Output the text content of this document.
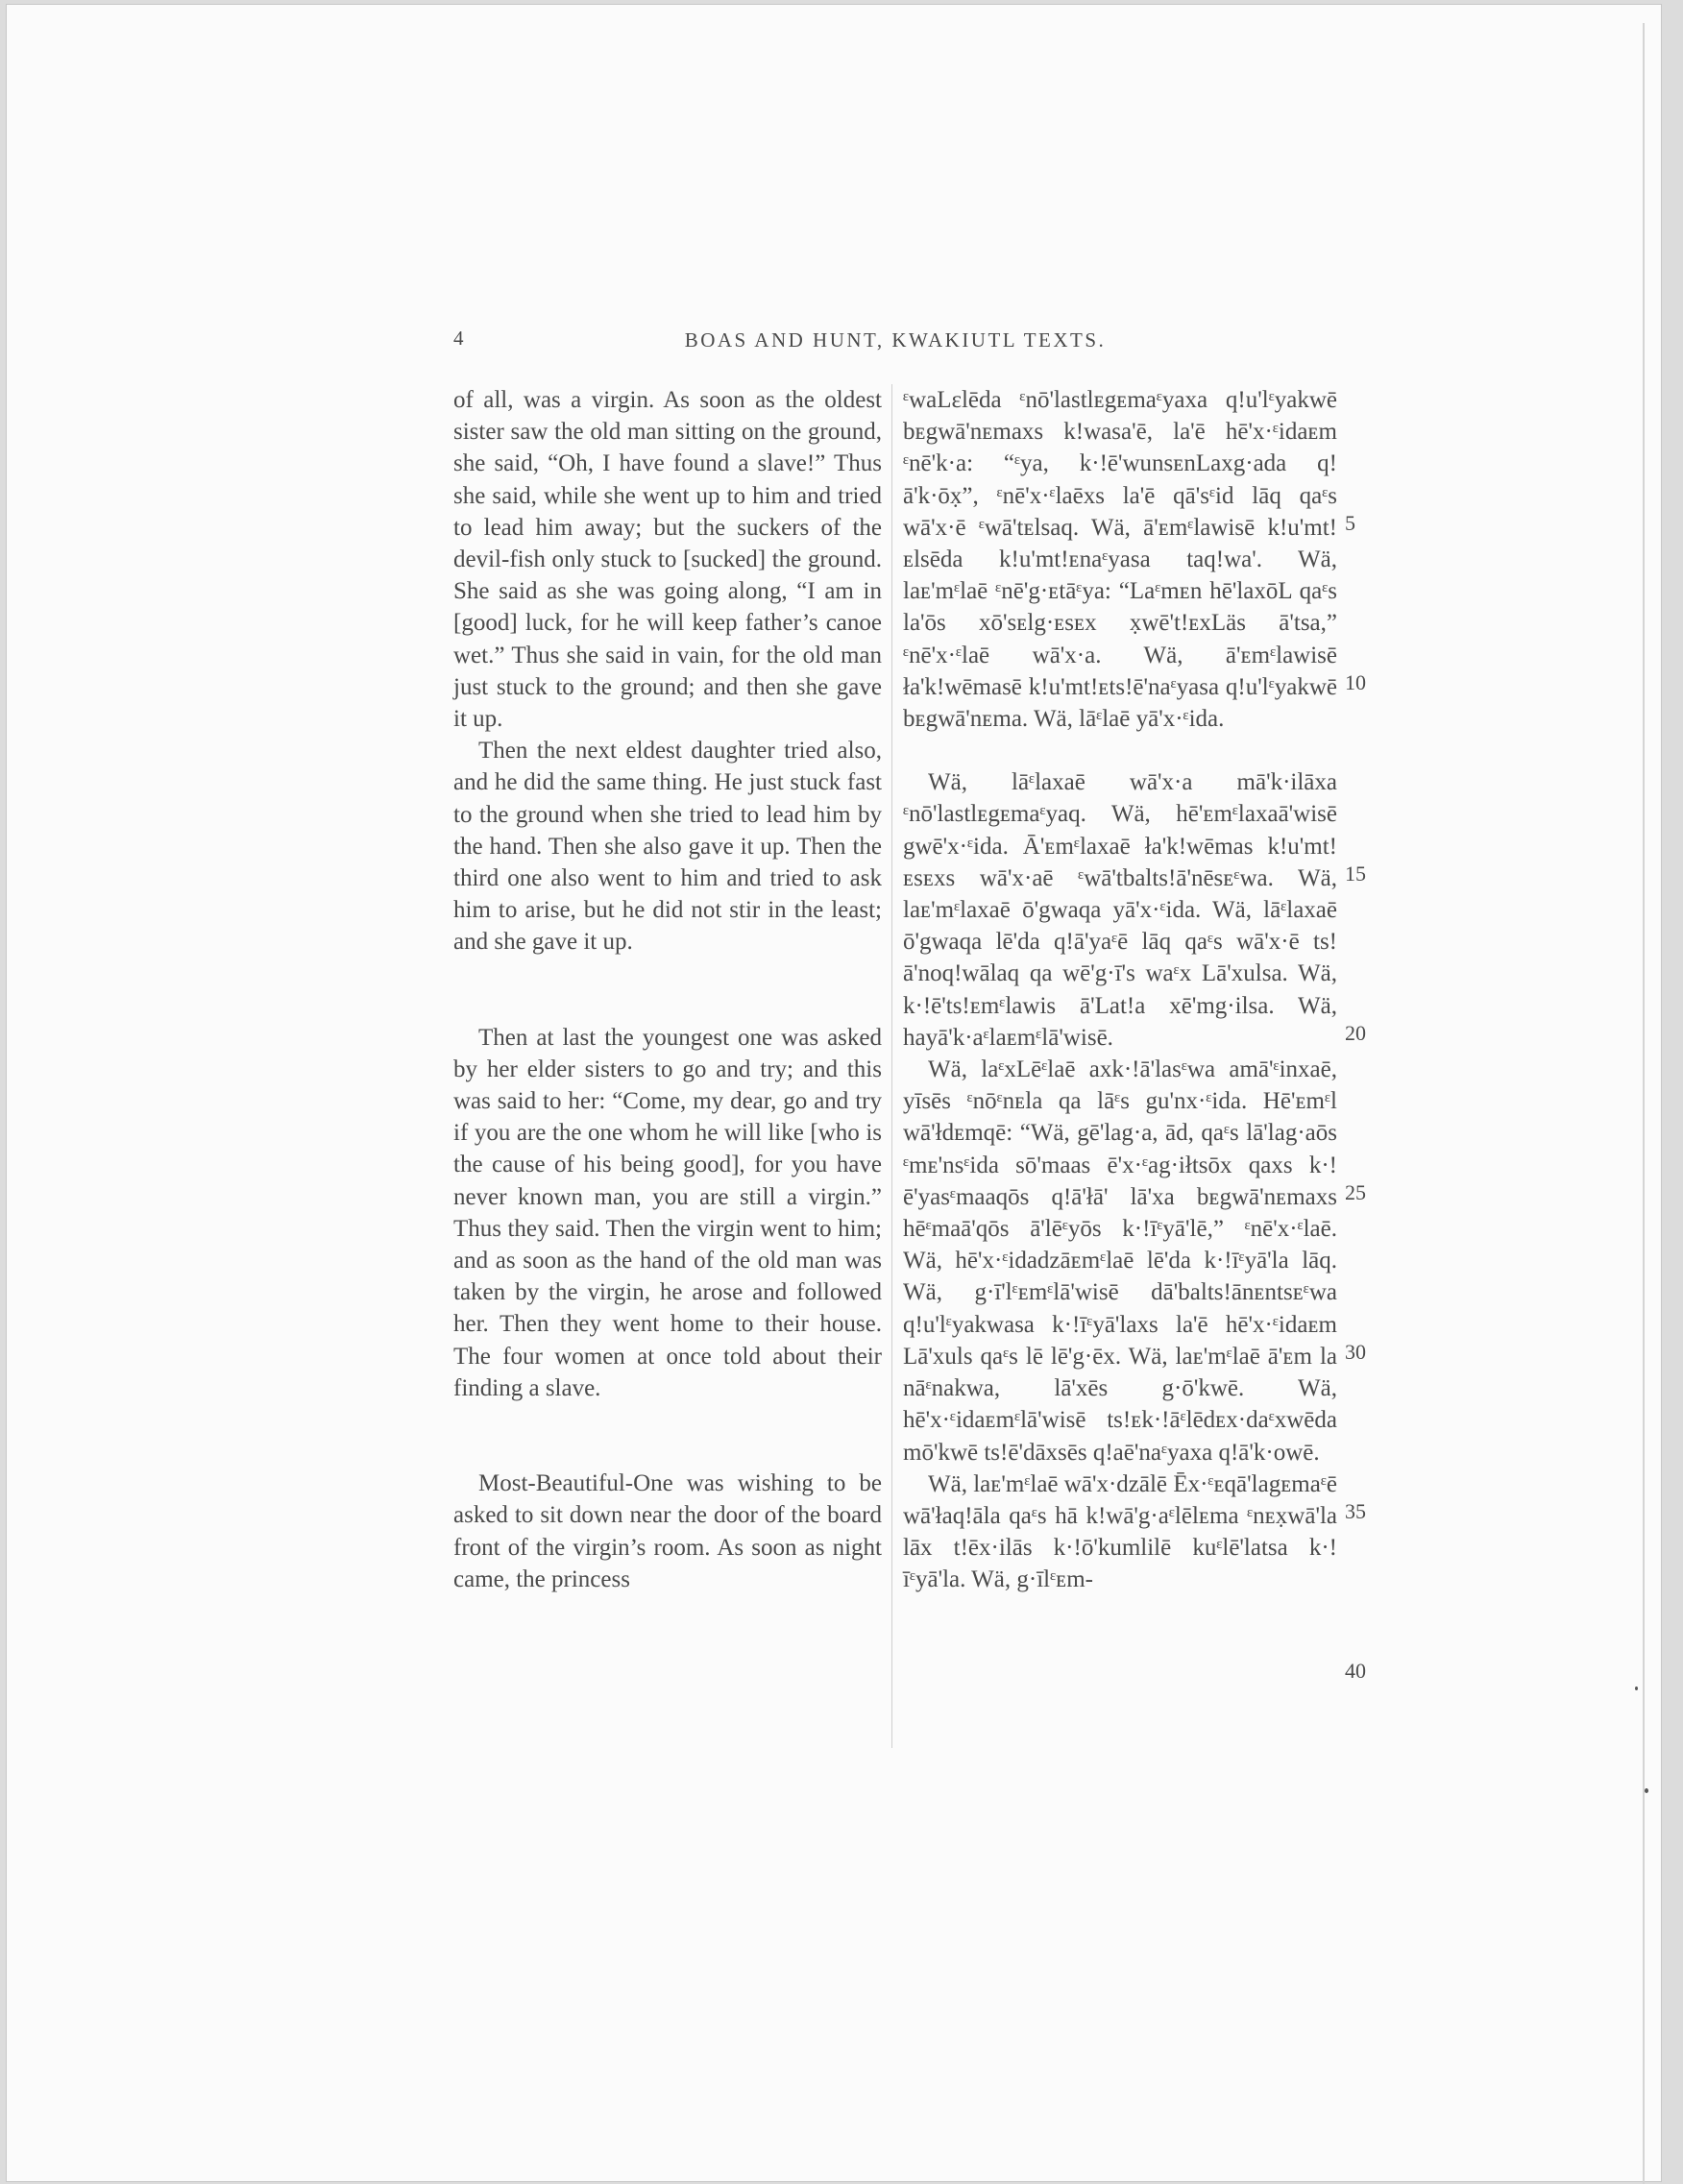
4	BOAS AND HUNT, KWAKIUTL TEXTS.

of all, was a virgin. As soon as the oldest sister saw the old man sitting on the ground, she said, “Oh, I have found a slave!” Thus she said, while she went up to him and tried to lead him away; but the suckers of the devil-fish only stuck to [sucked] the ground. She said as she was going along, “I am in [good] luck, for he will keep father’s canoe wet.” Thus she said in vain, for the old man just stuck to the ground; and then she gave it up.

Then the next eldest daughter tried also, and he did the same thing. He just stuck fast to the ground when she tried to lead him by the hand. Then she also gave it up. Then the third one also went to him and tried to ask him to arise, but he did not stir in the least; and she gave it up.

Then at last the youngest one was asked by her elder sisters to go and try; and this was said to her: “Come, my dear, go and try if you are the one whom he will like [who is the cause of his being good], for you have never known man, you are still a virgin.” Thus they said. Then the virgin went to him; and as soon as the hand of the old man was taken by the virgin, he arose and followed her. Then they went home to their house. The four women at once told about their finding a slave.

Most-Beautiful-One was wishing to be asked to sit down near the door of the board front of the virgin’s room. As soon as night came, the princess

ᵋwaLɛlēda ᵋnō'lastlᴇgᴇmaᵋyaxa q!u'lᵋyakwē bᴇgwā'nᴇmaxs k!wasa'ē, la'ē hē'x·ᵋidaᴇm ᵋnē'k·a: “ᵋya, k·!ē'wunsᴇnLaxg·ada q!ā'k·ōx̣”, ᵋnē'x·ᵋlaēxs la'ē qā'sᵋid lāq qaᵋs wā'x·ē ᵋwā'tᴇlsaq. Wä, ā'ᴇmᵋlawisē k!u'mt!ᴇlsēda k!u'mt!ᴇnaᵋyasa taq!wa'. Wä, laᴇ'mᵋlaē ᵋnē'g·ᴇtāᵋya: “Laᵋmᴇn hē'laxōL qaᵋs la'ōs xō'sᴇlg·ᴇsᴇx x̣wē't!ᴇxLäs ā'tsa,” ᵋnē'x·ᵋlaē wā'x·a. Wä, ā'ᴇmᵋlawisē ła'k!wēmasē k!u'mt!ᴇts!ē'naᵋyasa q!u'lᵋyakwē bᴇgwā'nᴇma. Wä, lāᵋlaē yā'x·ᵋida.

Wä, lāᵋlaxaē wā'x·a mā'k·ilāxa ᵋnō'lastlᴇgᴇmaᵋyaq. Wä, hē'ᴇmᵋlaxaā'wisē gwē'x·ᵋida. Ā'ᴇmᵋlaxaē ła'k!wēmas k!u'mt!ᴇsᴇxs wā'x·aē ᵋwā'tbalts!ā'nēsᴇᵋwa. Wä, laᴇ'mᵋlaxaē ō'gwaqa yā'x·ᵋida. Wä, lāᵋlaxaē ō'gwaqa lē'da q!ā'yaᵋē lāq qaᵋs wā'x·ē ts!ā'noq!wālaq qa wē'g·ī's waᵋx Lā'xulsa. Wä, k·!ē'ts!ᴇmᵋlawis ā'Lat!a xē'mg·ilsa. Wä, hayā'k·aᵋlaᴇmᵋlā'wisē.

Wä, laᵋxLēᵋlaē axk·!ā'lasᵋwa amā'ᵋinxaē, yīsēs ᵋnōᵋnᴇla qa lāᵋs gu'nx·ᵋida. Hē'ᴇmᵋl wā'łdᴇmqē: “Wä, gē'lag·a, ād, qaᵋs lā'lag·aōs ᵋmᴇ'nsᵋida sō'maas ē'x·ᵋag·iłtsōx qaxs k·!ē'yasᵋmaaqōs q!ā'łā' lā'xa bᴇgwā'nᴇmaxs hēᵋmaā'qōs ā'lēᵋyōs k·!īᵋyā'lē,” ᵋnē'x·ᵋlaē. Wä, hē'x·ᵋidadzāᴇmᵋlaē lē'da k·!īᵋyā'la lāq. Wä, g·ī'lᵋᴇmᵋlā'wisē dā'balts!ānᴇntsᴇᵋwa q!u'lᵋyakwasa k·!īᵋyā'laxs la'ē hē'x·ᵋidaᴇm Lā'xuls qaᵋs lē lē'g·ēx. Wä, laᴇ'mᵋlaē ā'ᴇm la nāᵋnakwa, lā'xēs g·ō'kwē. Wä, hē'x·ᵋidaᴇmᵋlā'wisē ts!ᴇk·!āᵋlēdᴇx·daᵋxwēda mō'kwē ts!ē'dāxsēs q!aē'naᵋyaxa q!ā'k·owē.

Wä, laᴇ'mᵋlaē wā'x·dzālē Ēx·ᵋᴇqā'lagᴇmaᵋē wā'łaq!āla qaᵋs hā k!wā'g·aᵋlēlᴇma ᵋnᴇx̣wā'la lāx t!ēx·ilās k·!ō'kumlilē kuᵋlē'latsa k·!īᵋyā'la. Wä, g·īlᵋᴇm-

5
10
15
20
25
30
35
40
